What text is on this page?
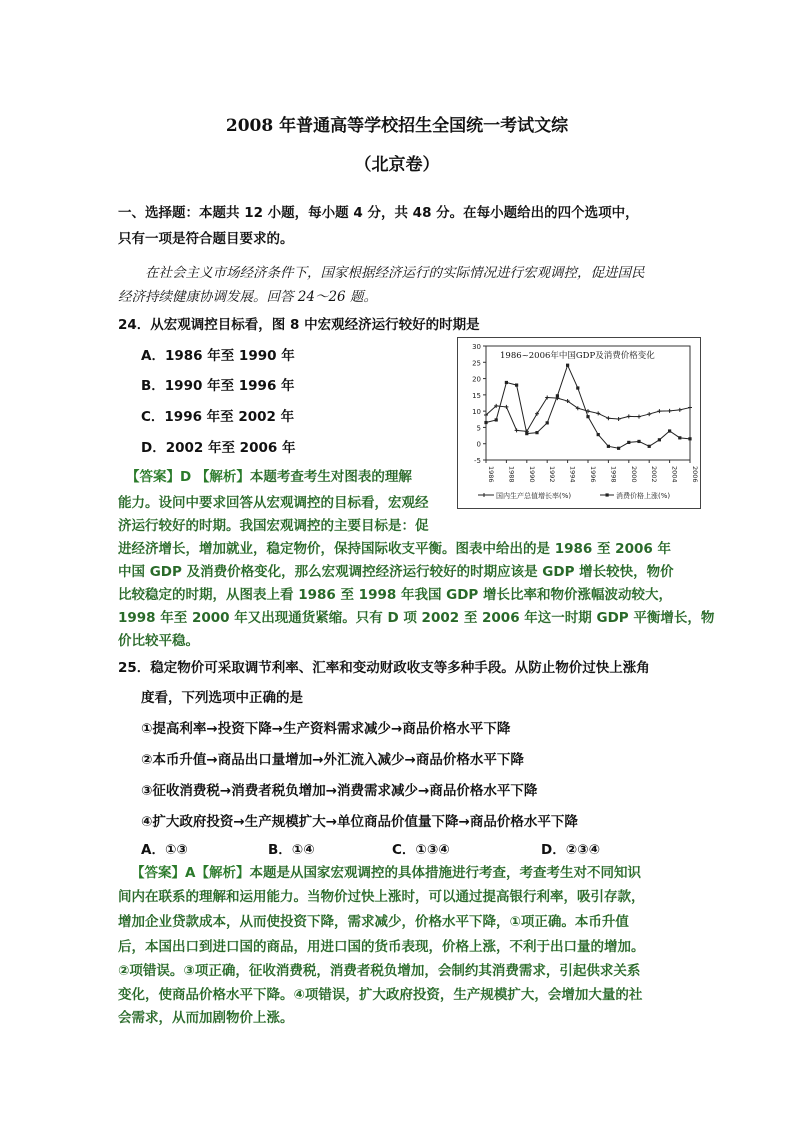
2008 年普通高等学校招生全国统一考试文综
（北京卷）
一、选择题：本题共 12 小题，每小题 4 分，共 48 分。在每小题给出的四个选项中，
只有一项是符合题目要求的。
在社会主义市场经济条件下，国家根据经济运行的实际情况进行宏观调控，促进国民
经济持续健康协调发展。回答 24～26 题。
24．从宏观调控目标看，图 8 中宏观经济运行较好的时期是
A．1986 年至 1990 年
B．1990 年至 1996 年
C．1996 年至 2002 年
D．2002 年至 2006 年
【答案】D 【解析】本题考查考生对图表的理解
能力。设问中要求回答从宏观调控的目标看，宏观经
济运行较好的时期。我国宏观调控的主要目标是：促
进经济增长，增加就业，稳定物价，保持国际收支平衡。图表中给出的是 1986 至 2006 年
中国 GDP 及消费价格变化，那么宏观调控经济运行较好的时期应该是 GDP 增长较快，物价
比较稳定的时期，从图表上看 1986 至 1998 年我国 GDP 增长比率和物价涨幅波动较大，
1998 年至 2000 年又出现通货紧缩。只有 D 项 2002 至 2006 年这一时期 GDP 平衡增长，物
价比较平稳。
30
25
20
15
10
5
0
-5
1986 1988 1990 1992 1994 1996 1998 2000 2002 2004 2006
1986~2006年中国GDP及消费价格变化
国内生产总值增长率(%)	消费价格上涨(%)
25．稳定物价可采取调节利率、汇率和变动财政收支等多种手段。从防止物价过快上涨角
度看，下列选项中正确的是
①提高利率→投资下降→生产资料需求减少→商品价格水平下降
②本币升值→商品出口量增加→外汇流入减少→商品价格水平下降
③征收消费税→消费者税负增加→消费需求减少→商品价格水平下降
④扩大政府投资→生产规模扩大→单位商品价值量下降→商品价格水平下降
A．①③	B．①④	C．①③④	D．②③④
【答案】A【解析】本题是从国家宏观调控的具体措施进行考查，考查考生对不同知识
间内在联系的理解和运用能力。当物价过快上涨时，可以通过提高银行利率，吸引存款，
增加企业贷款成本，从而使投资下降，需求减少，价格水平下降，①项正确。本币升值
后，本国出口到进口国的商品，用进口国的货币表现，价格上涨，不利于出口量的增加。
②项错误。③项正确，征收消费税，消费者税负增加，会制约其消费需求，引起供求关系
变化，使商品价格水平下降。④项错误，扩大政府投资，生产规模扩大，会增加大量的社
会需求，从而加剧物价上涨。
